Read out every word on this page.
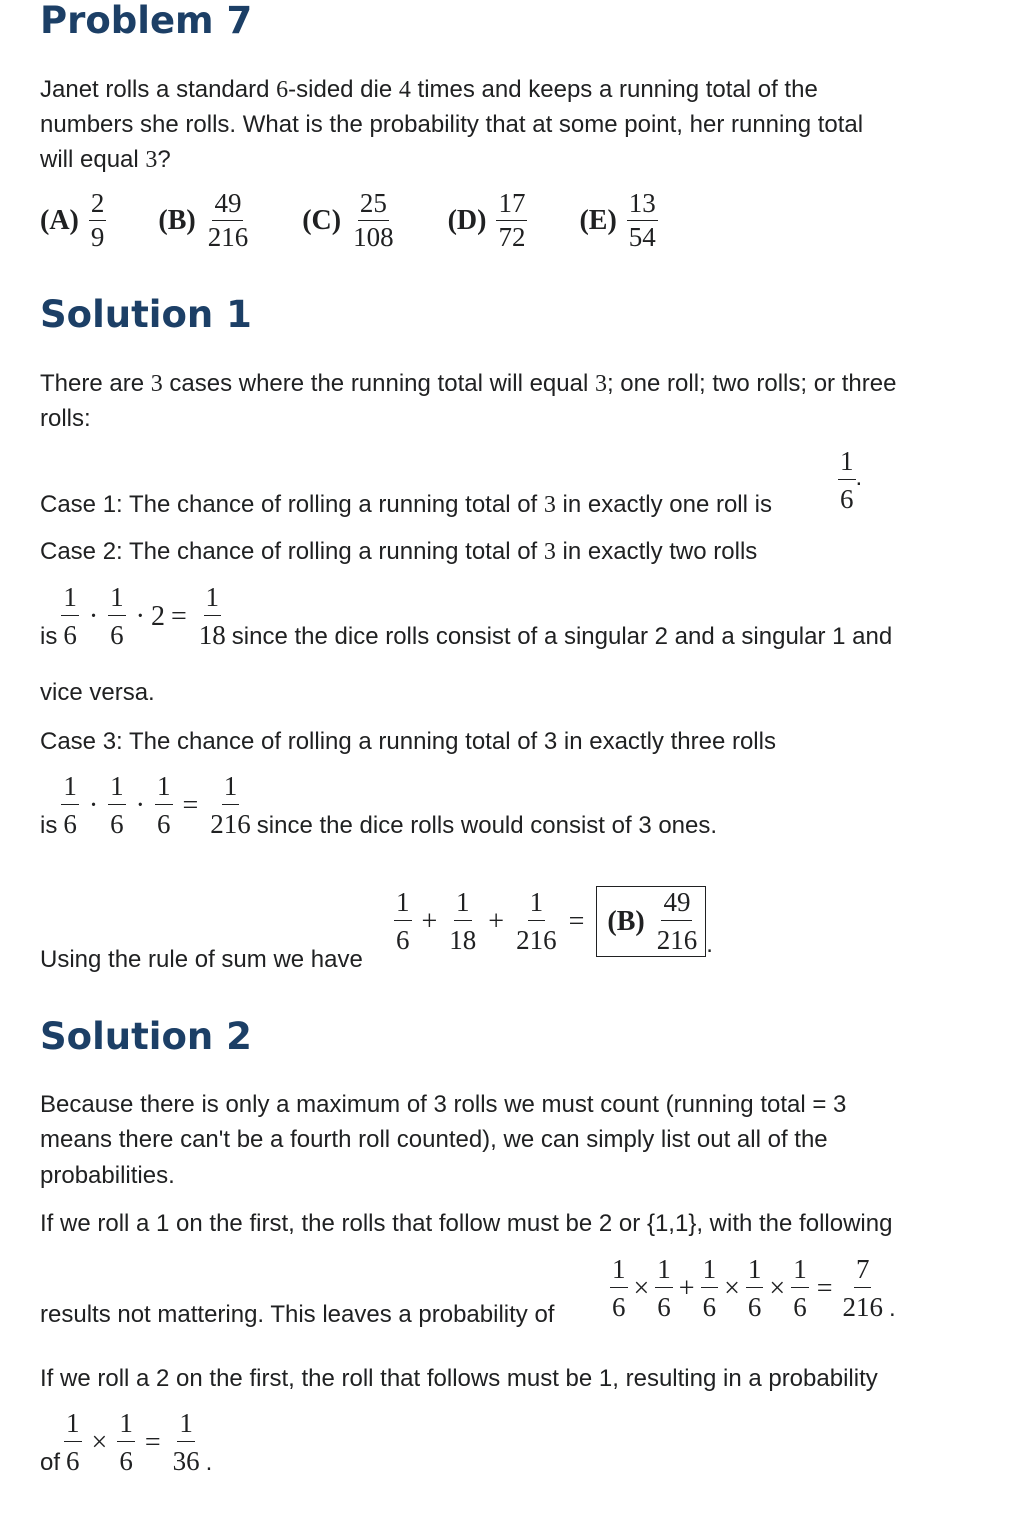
Problem 7
Janet rolls a standard 6-sided die 4 times and keeps a running total of the
numbers she rolls. What is the probability that at some point, her running total
will equal 3?
$(A) \frac{2}{9} (B) \frac{49}{216} (C) \frac{25}{108} (D) \frac{17}{72} (E) \frac{13}{54}$
Solution 1
There are 3 cases where the running total will equal 3; one roll; two rolls; or three
rolls:
Case 1: The chance of rolling a running total of 3 in exactly one roll is $\frac{1}{6}$ .
Case 2: The chance of rolling a running total of 3 in exactly two rolls
is $\frac{1}{6} \cdot \frac{1}{6} \cdot 2 = \frac{1}{18}$ since the dice rolls consist of a singular 2 and a singular 1 and
vice versa.
Case 3: The chance of rolling a running total of 3 in exactly three rolls
is $\frac{1}{6} \cdot \frac{1}{6} \cdot \frac{1}{6} = \frac{1}{216}$ since the dice rolls would consist of 3 ones.
Using the rule of sum we have
$\frac{1}{6} + \frac{1}{18} + \frac{1}{216} = (B) \frac{49}{216}$ .
Solution 2
Because there is only a maximum of 3 rolls we must count (running total = 3
means there can't be a fourth roll counted), we can simply list out all of the
probabilities.
If we roll a 1 on the first, the rolls that follow must be 2 or {1,1}, with the following
results not mattering. This leaves a probability of $\frac{1}{6} \times \frac{1}{6} + \frac{1}{6} \times \frac{1}{6} \times \frac{1}{6} = \frac{7}{216}$ .
If we roll a 2 on the first, the roll that follows must be 1, resulting in a probability
of $\frac{1}{6} \times \frac{1}{6} = \frac{1}{36}$ .
